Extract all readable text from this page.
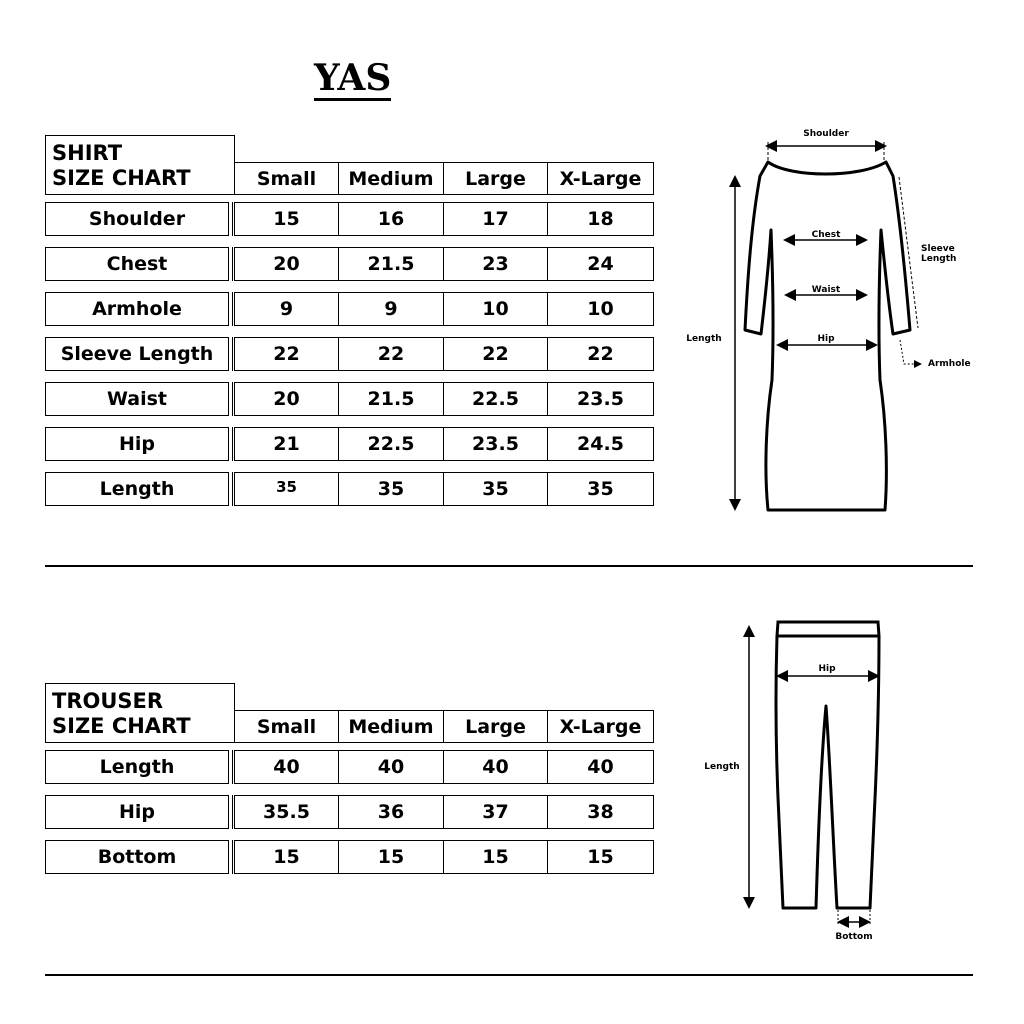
YAS
SHIRT
SIZE CHART	Small	Medium	Large	X-Large
Shoulder	15	16	17	18
Chest	20	21.5	23	24
Armhole	9	9	10	10
Sleeve Length	22	22	22	22
Waist	20	21.5	22.5	23.5
Hip	21	22.5	23.5	24.5
Length	35	35	35	35
TROUSER
SIZE CHART	Small	Medium	Large	X-Large
Length	40	40	40	40
Hip	35.5	36	37	38
Bottom	15	15	15	15
Shoulder
Chest
Waist
Hip
Sleeve
Length
Length
Armhole
Hip
Length
Bottom
